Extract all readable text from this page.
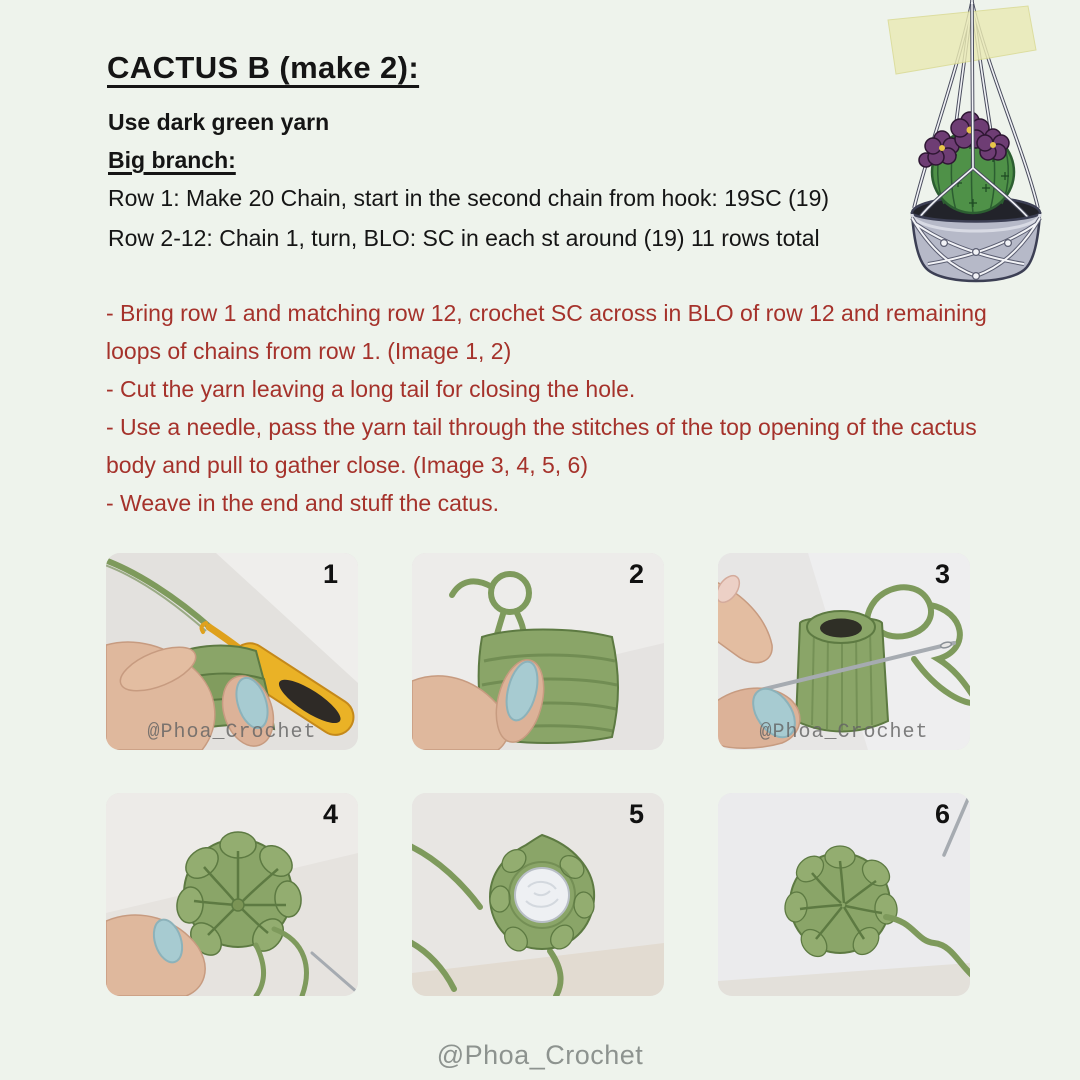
CACTUS B (make 2):

Use dark green yarn

Big branch:

Row 1: Make 20 Chain, start in the second chain from hook: 19SC (19)

Row 2-12: Chain 1, turn, BLO: SC in each st around (19) 11 rows total

- Bring row 1 and matching row 12, crochet SC across in BLO of row 12 and remaining loops of chains from row 1. (Image 1, 2)

- Cut the yarn leaving a long tail for closing the hole.

- Use a needle, pass the yarn tail through the stitches of the top opening of the cactus body and pull to gather close. (Image 3, 4, 5, 6)

- Weave in the end and stuff the catus.

1
@Phoa_Crochet
2	3
@Phoa_Crochet
4	5	6
@Phoa_Crochet
